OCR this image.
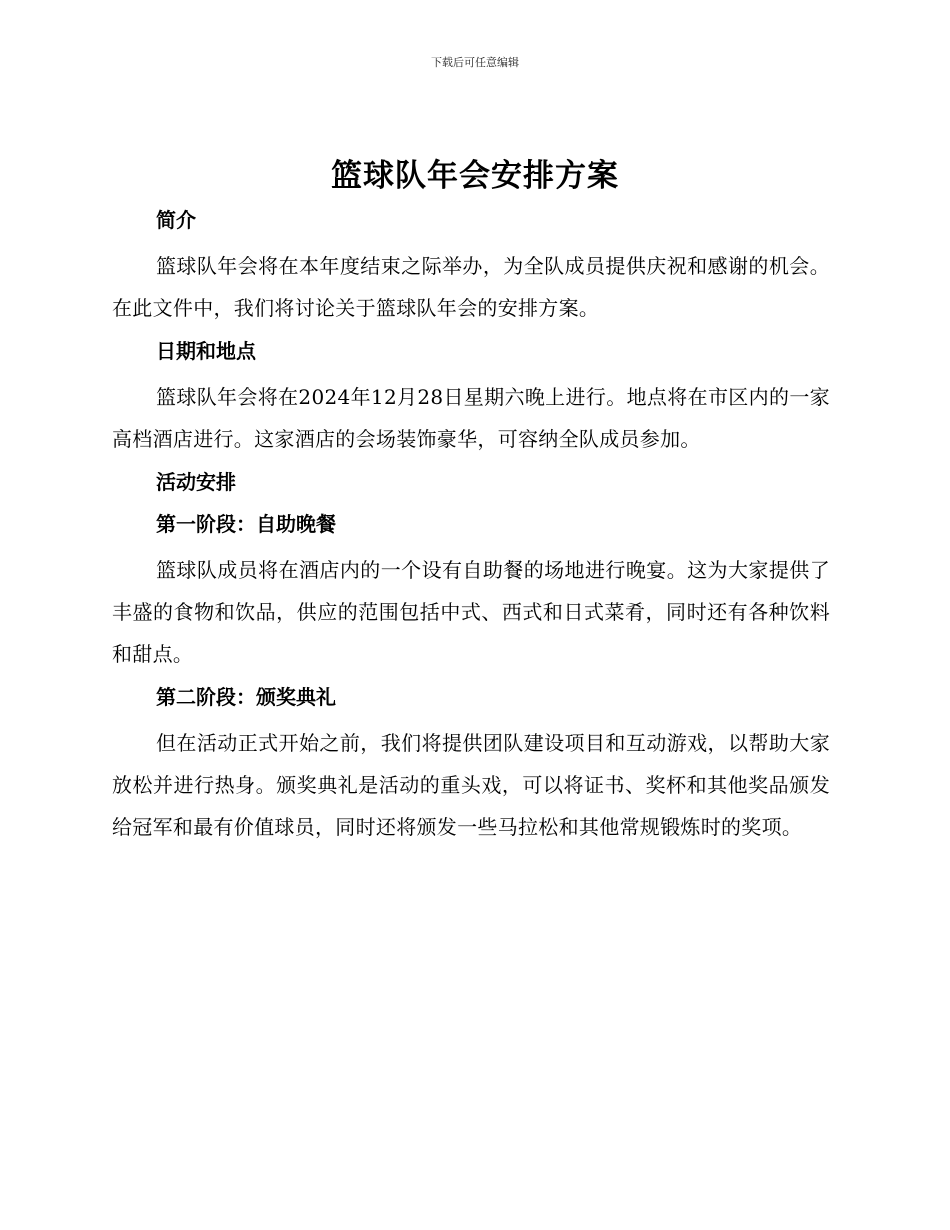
下载后可任意编辑
篮球队年会安排方案
简介

篮球队年会将在本年度结束之际举办，为全队成员提供庆祝和感谢的机会。在此文件中，我们将讨论关于篮球队年会的安排方案。

日期和地点

篮球队年会将在2024年12月28日星期六晚上进行。地点将在市区内的一家高档酒店进行。这家酒店的会场装饰豪华，可容纳全队成员参加。

活动安排
第一阶段：自助晚餐

篮球队成员将在酒店内的一个设有自助餐的场地进行晚宴。这为大家提供了丰盛的食物和饮品，供应的范围包括中式、西式和日式菜肴，同时还有各种饮料和甜点。

第二阶段：颁奖典礼

但在活动正式开始之前，我们将提供团队建设项目和互动游戏，以帮助大家放松并进行热身。颁奖典礼是活动的重头戏，可以将证书、奖杯和其他奖品颁发给冠军和最有价值球员，同时还将颁发一些马拉松和其他常规锻炼时的奖项。
